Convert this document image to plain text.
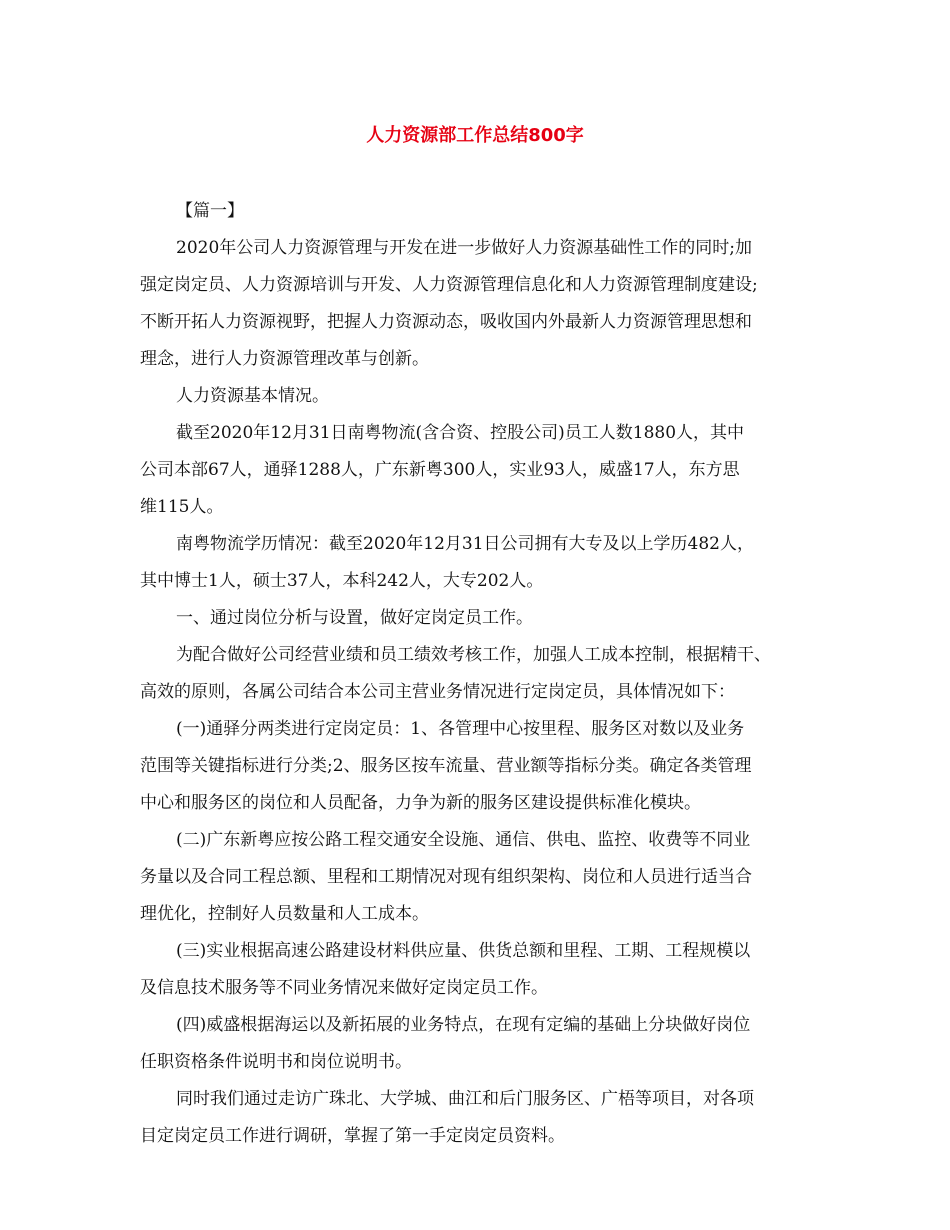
人力资源部工作总结800字

【篇一】

2020年公司人力资源管理与开发在进一步做好人力资源基础性工作的同时;加

强定岗定员、人力资源培训与开发、人力资源管理信息化和人力资源管理制度建设;

不断开拓人力资源视野，把握人力资源动态，吸收国内外最新人力资源管理思想和

理念，进行人力资源管理改革与创新。

人力资源基本情况。

截至2020年12月31日南粤物流(含合资、控股公司)员工人数1880人，其中

公司本部67人，通驿1288人，广东新粤300人，实业93人，威盛17人，东方思

维115人。

南粤物流学历情况：截至2020年12月31日公司拥有大专及以上学历482人，

其中博士1人，硕士37人，本科242人，大专202人。

一、通过岗位分析与设置，做好定岗定员工作。

为配合做好公司经营业绩和员工绩效考核工作，加强人工成本控制，根据精干、

高效的原则，各属公司结合本公司主营业务情况进行定岗定员，具体情况如下：

(一)通驿分两类进行定岗定员：1、各管理中心按里程、服务区对数以及业务

范围等关键指标进行分类;2、服务区按车流量、营业额等指标分类。确定各类管理

中心和服务区的岗位和人员配备，力争为新的服务区建设提供标准化模块。

(二)广东新粤应按公路工程交通安全设施、通信、供电、监控、收费等不同业

务量以及合同工程总额、里程和工期情况对现有组织架构、岗位和人员进行适当合

理优化，控制好人员数量和人工成本。

(三)实业根据高速公路建设材料供应量、供货总额和里程、工期、工程规模以

及信息技术服务等不同业务情况来做好定岗定员工作。

(四)威盛根据海运以及新拓展的业务特点，在现有定编的基础上分块做好岗位

任职资格条件说明书和岗位说明书。

同时我们通过走访广珠北、大学城、曲江和后门服务区、广梧等项目，对各项

目定岗定员工作进行调研，掌握了第一手定岗定员资料。
